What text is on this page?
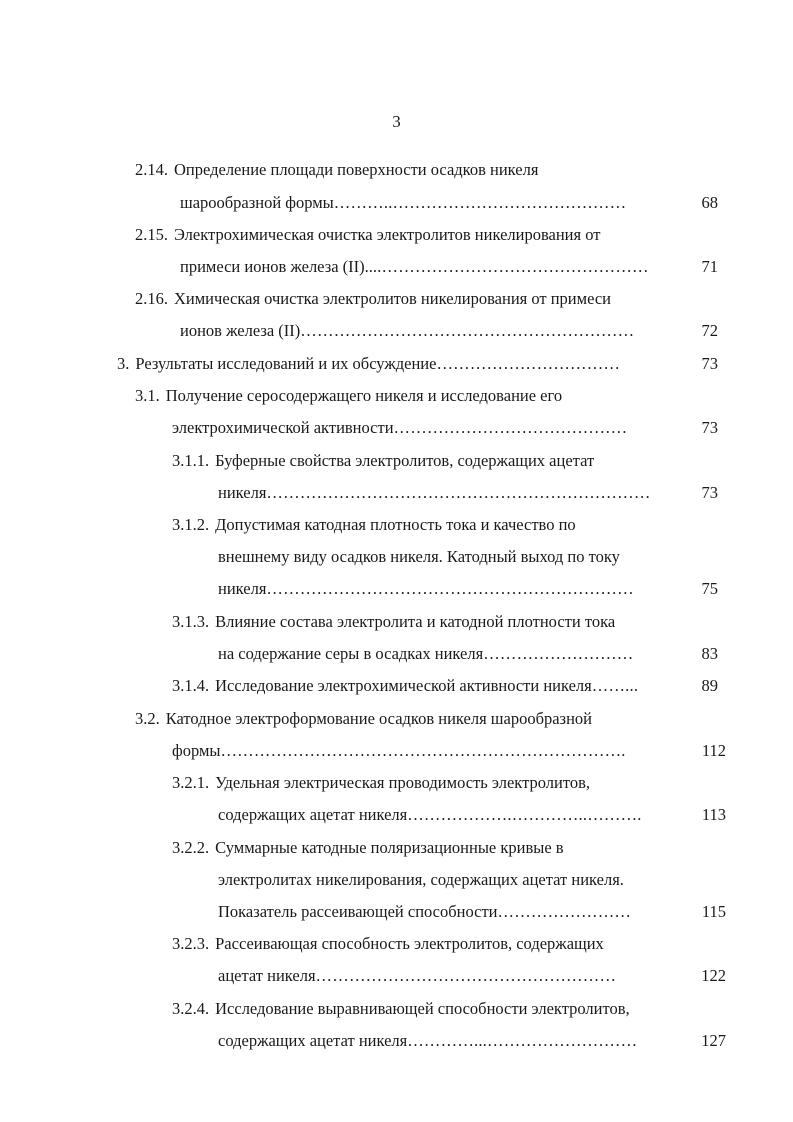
3
2.14. Определение площади поверхности осадков никеля
шарообразной формы………..……………………………………	68
2.15. Электрохимическая очистка электролитов никелирования от
примеси ионов железа (II)....…………………………………………	71
2.16. Химическая очистка электролитов никелирования от примеси
ионов железа (II)……………………………………………………	72
3. Результаты исследований и их обсуждение……………………………	73
3.1. Получение серосодержащего никеля и исследование его
электрохимической активности……………………………………	73
3.1.1. Буферные свойства электролитов, содержащих ацетат
никеля……………………………………………………………	73
3.1.2. Допустимая катодная плотность тока и качество по
внешнему виду осадков никеля. Катодный выход по току
никеля…………………………………………………………	75
3.1.3. Влияние состава электролита и катодной плотности тока
на содержание серы в осадках никеля………………………	83
3.1.4. Исследование электрохимической активности никеля……...	89
3.2. Катодное электроформование осадков никеля шарообразной
формы……………………………………………………………….	112
3.2.1. Удельная электрическая проводимость электролитов,
содержащих ацетат никеля……………….…………..……….	113
3.2.2. Суммарные катодные поляризационные кривые в
электролитах никелирования, содержащих ацетат никеля.
Показатель рассеивающей способности……………………	115
3.2.3. Рассеивающая способность электролитов, содержащих
ацетат никеля………………………………………………	122
3.2.4. Исследование выравнивающей способности электролитов,
содержащих ацетат никеля…………...………………………	127
